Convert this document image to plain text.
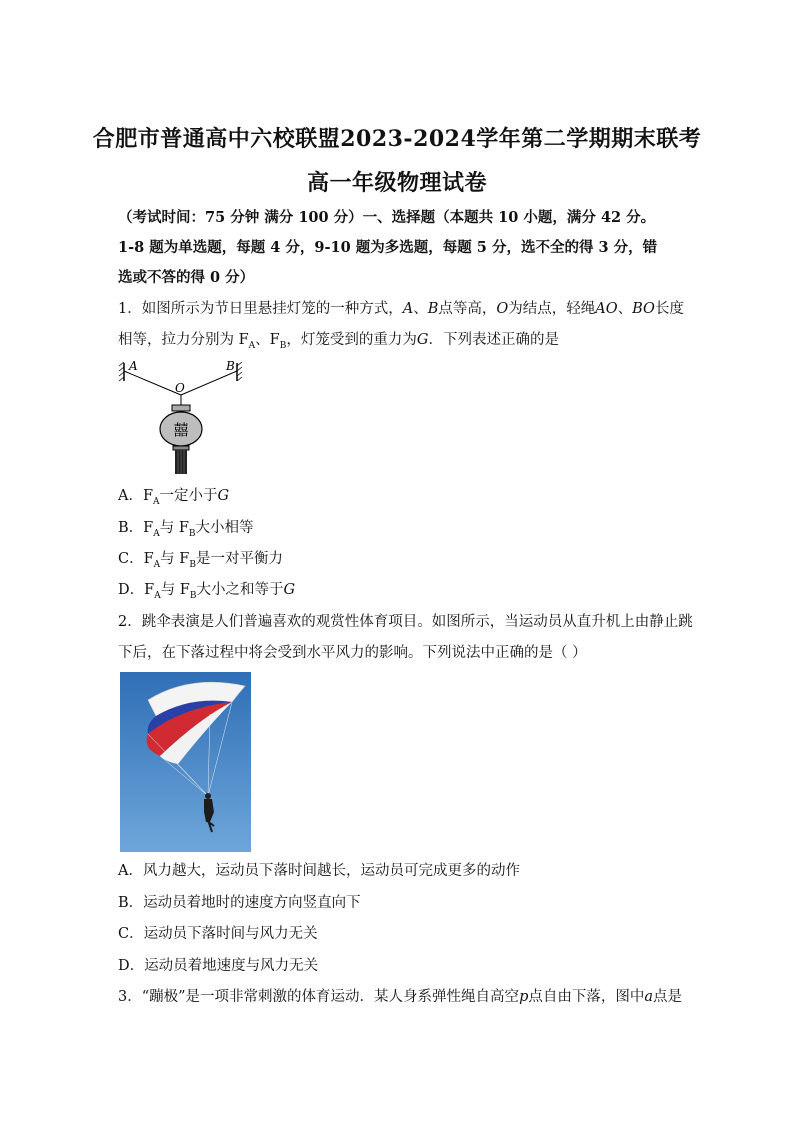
合肥市普通高中六校联盟2023-2024学年第二学期期末联考
高一年级物理试卷
（考试时间：75 分钟 满分 100 分）一、选择题（本题共 10 小题，满分 42 分。
1-8 题为单选题，每题 4 分，9-10 题为多选题，每题 5 分，选不全的得 3 分，错
选或不答的得 0 分）
1．如图所示为节日里悬挂灯笼的一种方式，A、B点等高，O为结点，轻绳AO、BO长度
相等，拉力分别为 $F_A$、$F_B$，灯笼受到的重力为G．下列表述正确的是
A	B
O
囍
A．$F_A$一定小于G
B．$F_A$与 $F_B$大小相等
C．$F_A$与 $F_B$是一对平衡力
D．$F_A$与 $F_B$大小之和等于G
2．跳伞表演是人们普遍喜欢的观赏性体育项目。如图所示，当运动员从直升机上由静止跳
下后，在下落过程中将会受到水平风力的影响。下列说法中正确的是（ ）
A．风力越大，运动员下落时间越长，运动员可完成更多的动作
B．运动员着地时的速度方向竖直向下
C．运动员下落时间与风力无关
D．运动员着地速度与风力无关
3．“蹦极”是一项非常刺激的体育运动．某人身系弹性绳自高空p点自由下落，图中a点是
